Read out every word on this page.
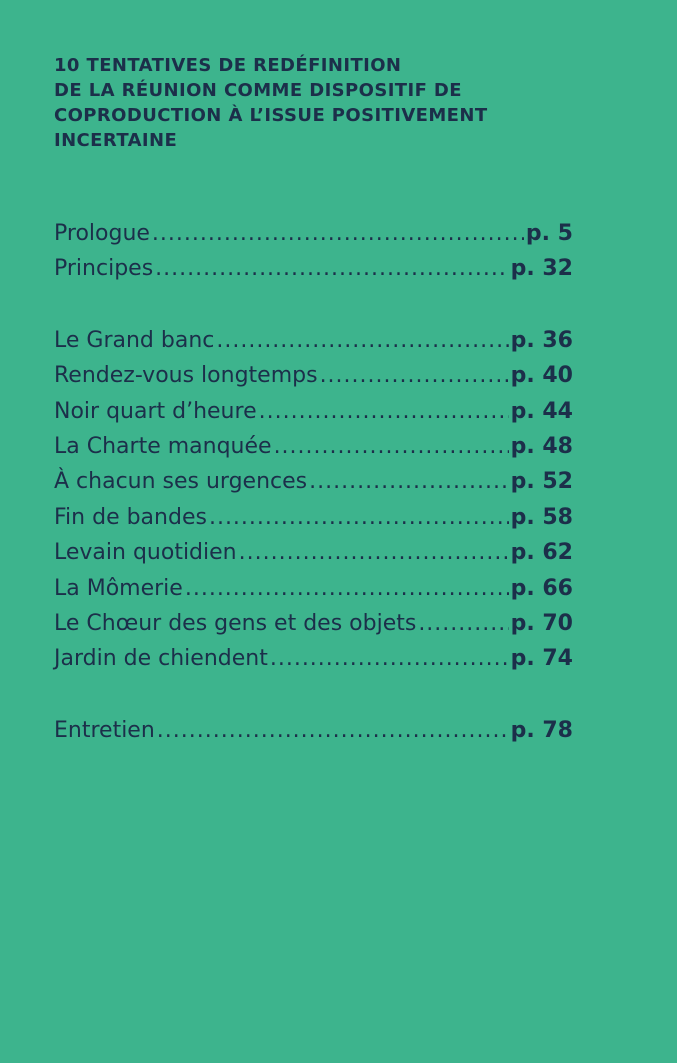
10 TENTATIVES DE REDÉFINITION
DE LA RÉUNION COMME DISPOSITIF DE
COPRODUCTION À L’ISSUE POSITIVEMENT
INCERTAINE
Prologue .....	p. 5
Principes .....	p. 32
Le Grand banc .....	p. 36
Rendez-vous longtemps .....	p. 40
Noir quart d’heure .....	p. 44
La Charte manquée .....	p. 48
À chacun ses urgences .....	p. 52
Fin de bandes .....	p. 58
Levain quotidien .....	p. 62
La Mômerie .....	p. 66
Le Chœur des gens et des objets .....	p. 70
Jardin de chiendent .....	p. 74
Entretien .....	p. 78
